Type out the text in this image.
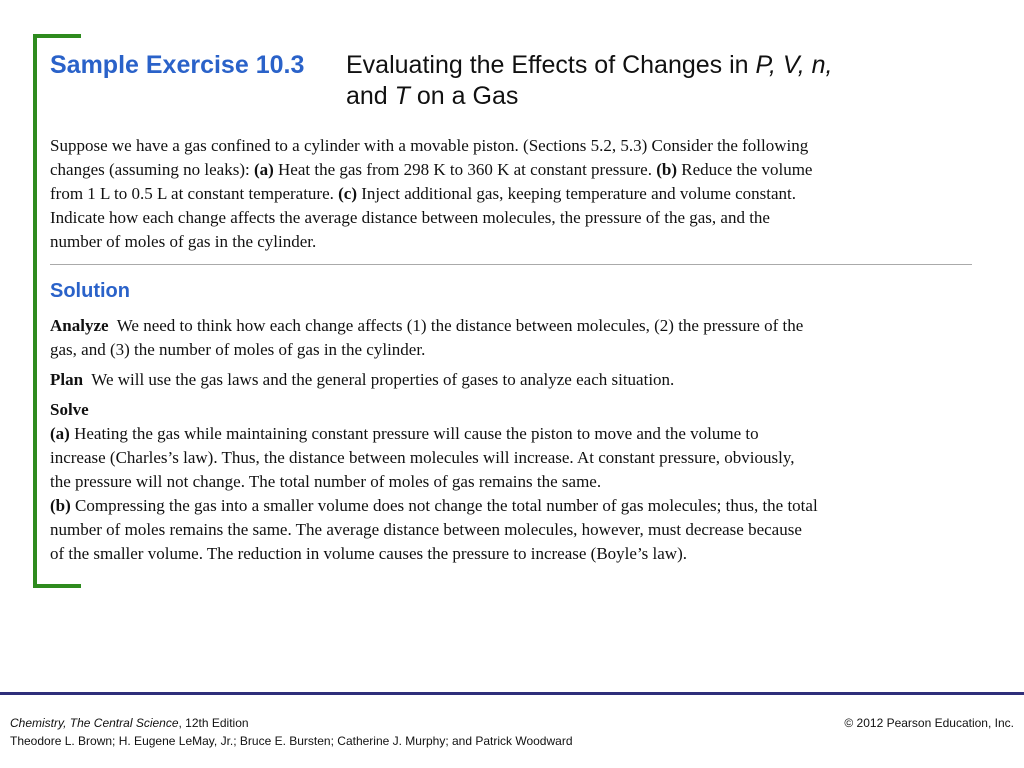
Sample Exercise 10.3 Evaluating the Effects of Changes in P, V, n,
and T on a Gas
Suppose we have a gas confined to a cylinder with a movable piston. (Sections 5.2, 5.3) Consider the following
changes (assuming no leaks): (a) Heat the gas from 298 K to 360 K at constant pressure. (b) Reduce the volume
from 1 L to 0.5 L at constant temperature. (c) Inject additional gas, keeping temperature and volume constant.
Indicate how each change affects the average distance between molecules, the pressure of the gas, and the
number of moles of gas in the cylinder.
Solution
Analyze  We need to think how each change affects (1) the distance between molecules, (2) the pressure of the
gas, and (3) the number of moles of gas in the cylinder.
Plan  We will use the gas laws and the general properties of gases to analyze each situation.
Solve
(a) Heating the gas while maintaining constant pressure will cause the piston to move and the volume to
increase (Charles’s law). Thus, the distance between molecules will increase. At constant pressure, obviously,
the pressure will not change. The total number of moles of gas remains the same.
(b) Compressing the gas into a smaller volume does not change the total number of gas molecules; thus, the total
number of moles remains the same. The average distance between molecules, however, must decrease because
of the smaller volume. The reduction in volume causes the pressure to increase (Boyle’s law).
Chemistry, The Central Science, 12th Edition
Theodore L. Brown; H. Eugene LeMay, Jr.; Bruce E. Bursten; Catherine J. Murphy; and Patrick Woodward
© 2012 Pearson Education, Inc.
